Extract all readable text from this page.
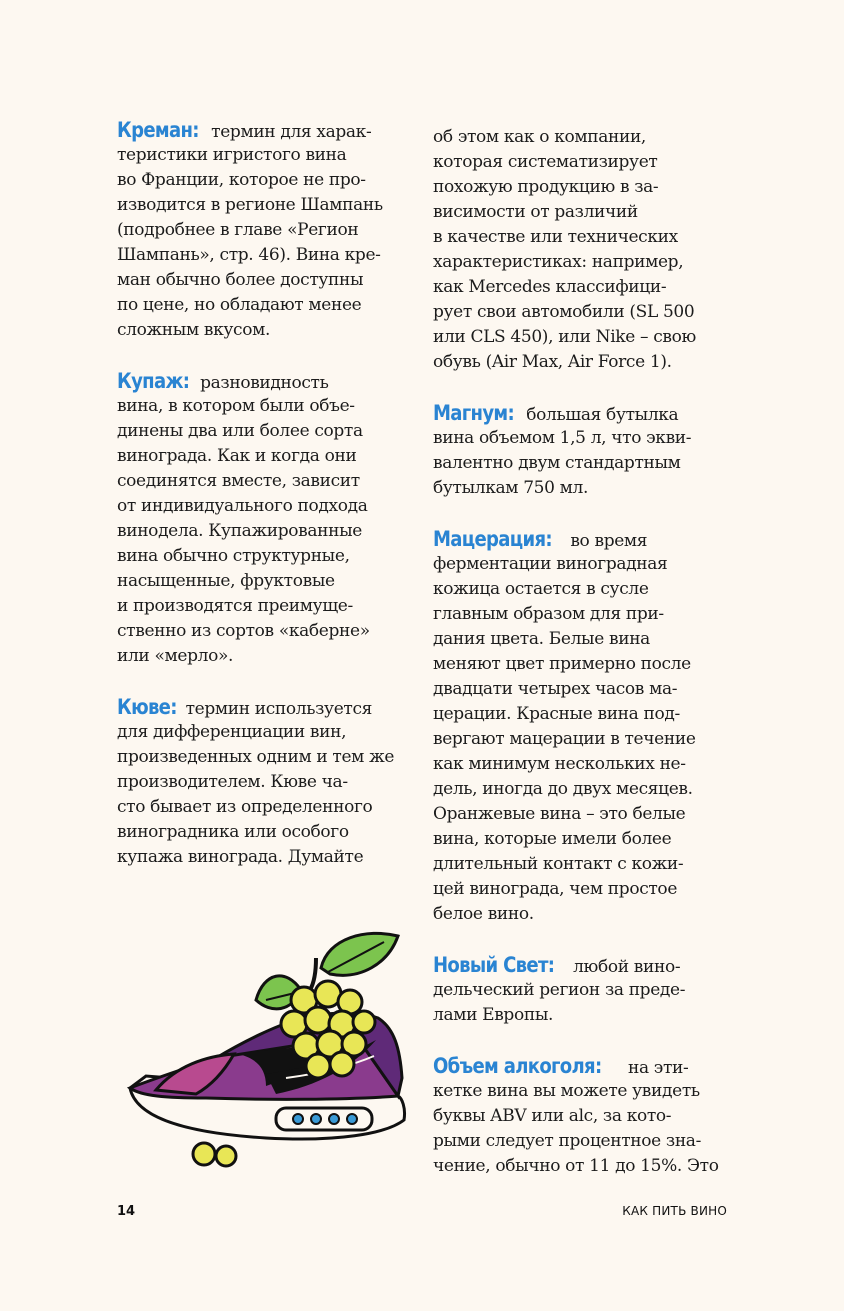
Креман: термин для харак-
теристики игристого вина
во Франции, которое не про-
изводится в регионе Шампань
(подробнее в главе «Регион
Шампань», стр. 46). Вина кре-
ман обычно более доступны
по цене, но обладают менее
сложным вкусом.
Купаж: разновидность
вина, в котором были объе-
динены два или более сорта
винограда. Как и когда они
соединятся вместе, зависит
от индивидуального подхода
винодела. Купажированные
вина обычно структурные,
насыщенные, фруктовые
и производятся преимуще-
ственно из сортов «каберне»
или «мерло».
Кюве: термин используется
для дифференциации вин,
произведенных одним и тем же
производителем. Кюве ча-
сто бывает из определенного
виноградника или особого
купажа винограда. Думайте
об этом как о компании,
которая систематизирует
похожую продукцию в за-
висимости от различий
в качестве или технических
характеристиках: например,
как Mercedes классифици-
рует свои автомобили (SL 500
или CLS 450), или Nike – свою
обувь (Air Max, Air Force 1).
Магнум: большая бутылка
вина объемом 1,5 л, что экви-
валентно двум стандартным
бутылкам 750 мл.
Мацерация: во время
ферментации виноградная
кожица остается в сусле
главным образом для при-
дания цвета. Белые вина
меняют цвет примерно после
двадцати четырех часов ма-
церации. Красные вина под-
вергают мацерации в течение
как минимум нескольких не-
дель, иногда до двух месяцев.
Оранжевые вина – это белые
вина, которые имели более
длительный контакт с кожи-
цей винограда, чем простое
белое вино.
Новый Свет: любой вино-
дельческий регион за преде-
лами Европы.
Объем алкоголя: на эти-
кетке вина вы можете увидеть
буквы ABV или alc, за кото-
рыми следует процентное зна-
чение, обычно от 11 до 15%. Это
14	КАК ПИТЬ ВИНО
